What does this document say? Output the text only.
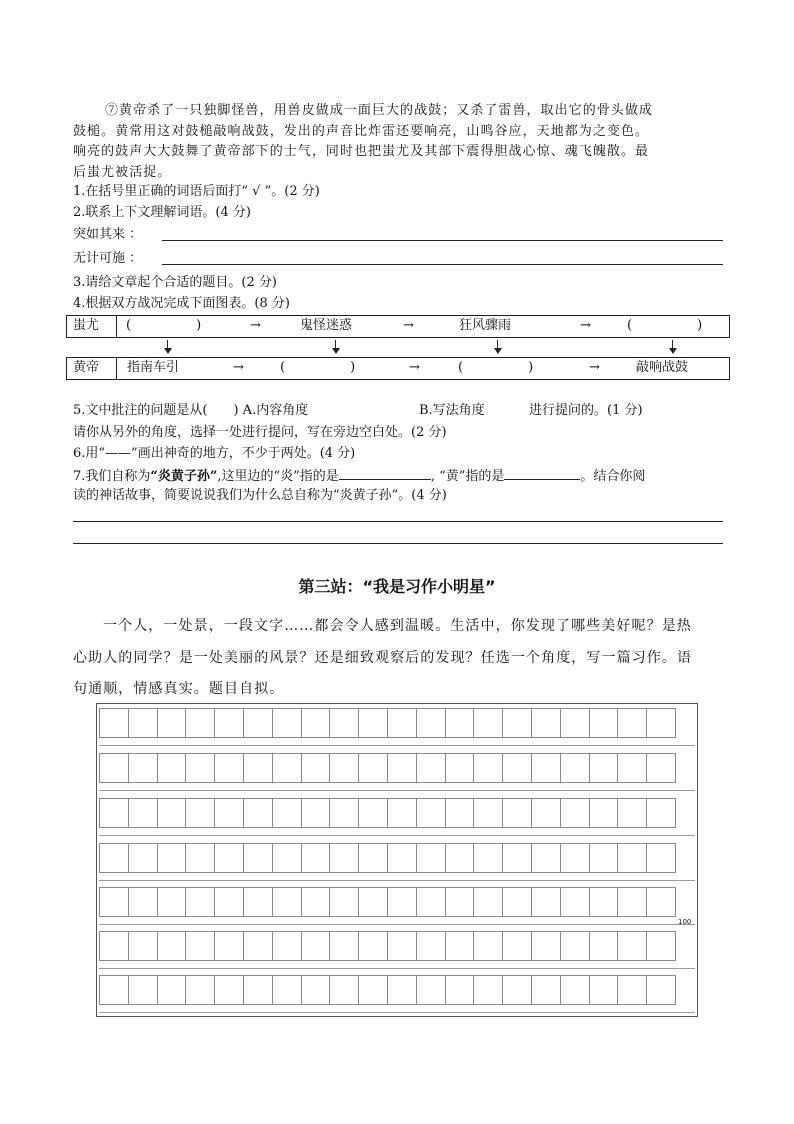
⑦黄帝杀了一只独脚怪兽，用兽皮做成一面巨大的战鼓；又杀了雷兽，取出它的骨头做成
鼓槌。黄常用这对鼓槌敲响战鼓，发出的声音比炸雷还要响亮，山鸣谷应，天地都为之变色。
响亮的鼓声大大鼓舞了黄帝部下的士气，同时也把蚩尤及其部下震得胆战心惊、魂飞魄散。最
后蚩尤被活捉。
1.在括号里正确的词语后面打“ √ ”。(2 分)
2.联系上下文理解词语。(4 分)
突如其来 ：
无计可施 ：
3.请给文章起个合适的题目。(2 分)
4.根据双方战况完成下面图表。(8 分)
蚩尤 (　　　　　)	→	鬼怪迷惑	→	狂风骤雨	→	(　　　　　)
黄帝 指南车引	→	(　　　　　)	→	(　　　　　)	→	敲响战鼓
5.文中批注的问题是从(　　) A.内容角度	B.写法角度	进行提问的。(1 分)
请你从另外的角度，选择一处进行提问，写在旁边空白处。(2 分)
6.用“——”画出神奇的地方，不少于两处。(4 分)
7.我们自称为“炎黄子孙”,这里边的“炎”指的是	, “黄”指的是	。结合你阅
读的神话故事，简要说说我们为什么总自称为“炎黄子孙”。(4 分)
第三站：“我是习作小明星”
一个人，一处景，一段文字……都会令人感到温暖。生活中，你发现了哪些美好呢？是热
心助人的同学？是一处美丽的风景？还是细致观察后的发现？任选一个角度，写一篇习作。语
句通顺，情感真实。题目自拟。
100
